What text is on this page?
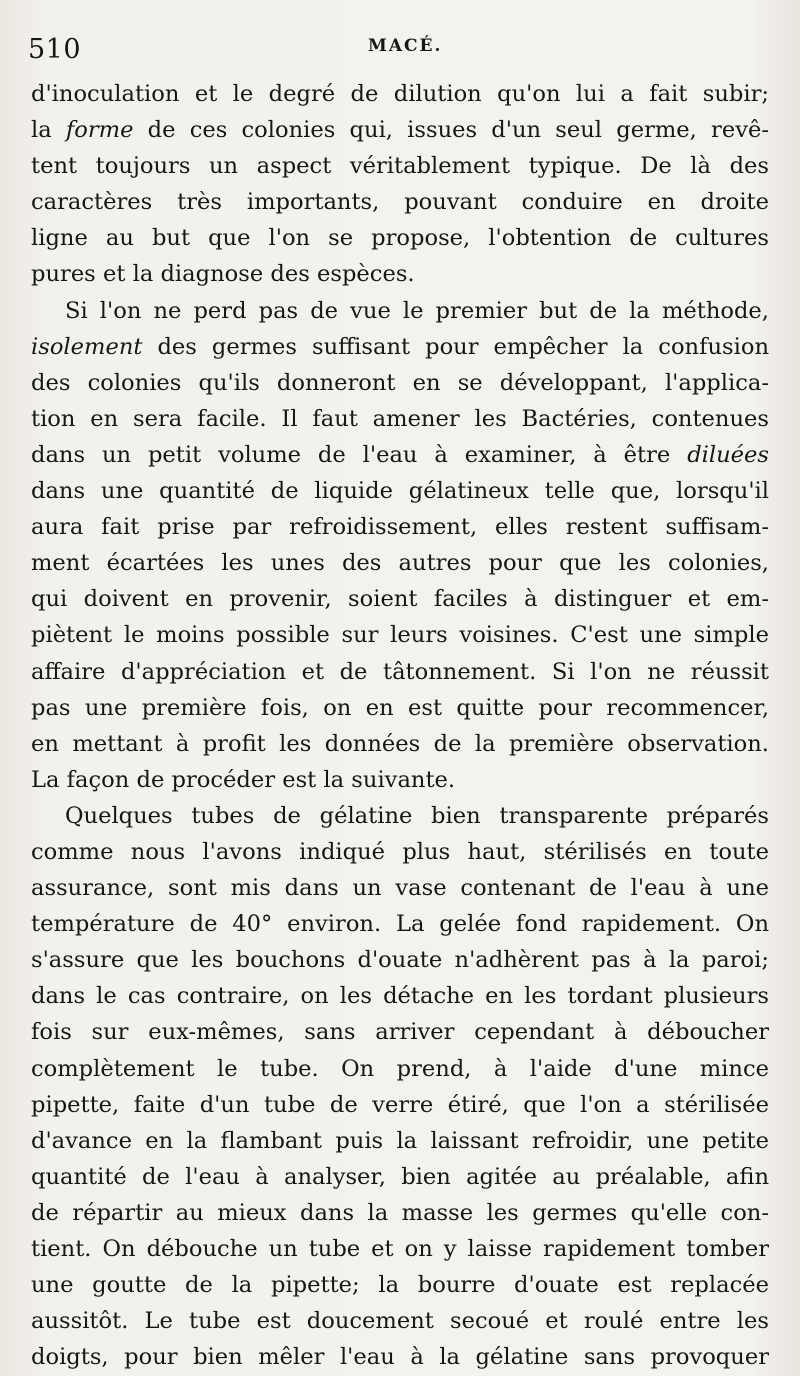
510	MACÉ.
d'inoculation et le degré de dilution qu'on lui a fait subir;
la forme de ces colonies qui, issues d'un seul germe, revê-
tent toujours un aspect véritablement typique. De là des
caractères très importants, pouvant conduire en droite
ligne au but que l'on se propose, l'obtention de cultures
pures et la diagnose des espèces.
Si l'on ne perd pas de vue le premier but de la méthode,
isolement des germes suffisant pour empêcher la confusion
des colonies qu'ils donneront en se développant, l'applica-
tion en sera facile. Il faut amener les Bactéries, contenues
dans un petit volume de l'eau à examiner, à être diluées
dans une quantité de liquide gélatineux telle que, lorsqu'il
aura fait prise par refroidissement, elles restent suffisam-
ment écartées les unes des autres pour que les colonies,
qui doivent en provenir, soient faciles à distinguer et em-
piètent le moins possible sur leurs voisines. C'est une simple
affaire d'appréciation et de tâtonnement. Si l'on ne réussit
pas une première fois, on en est quitte pour recommencer,
en mettant à profit les données de la première observation.
La façon de procéder est la suivante.
Quelques tubes de gélatine bien transparente préparés
comme nous l'avons indiqué plus haut, stérilisés en toute
assurance, sont mis dans un vase contenant de l'eau à une
température de 40° environ. La gelée fond rapidement. On
s'assure que les bouchons d'ouate n'adhèrent pas à la paroi;
dans le cas contraire, on les détache en les tordant plusieurs
fois sur eux-mêmes, sans arriver cependant à déboucher
complètement le tube. On prend, à l'aide d'une mince
pipette, faite d'un tube de verre étiré, que l'on a stérilisée
d'avance en la flambant puis la laissant refroidir, une petite
quantité de l'eau à analyser, bien agitée au préalable, afin
de répartir au mieux dans la masse les germes qu'elle con-
tient. On débouche un tube et on y laisse rapidement tomber
une goutte de la pipette; la bourre d'ouate est replacée
aussitôt. Le tube est doucement secoué et roulé entre les
doigts, pour bien mêler l'eau à la gélatine sans provoquer
